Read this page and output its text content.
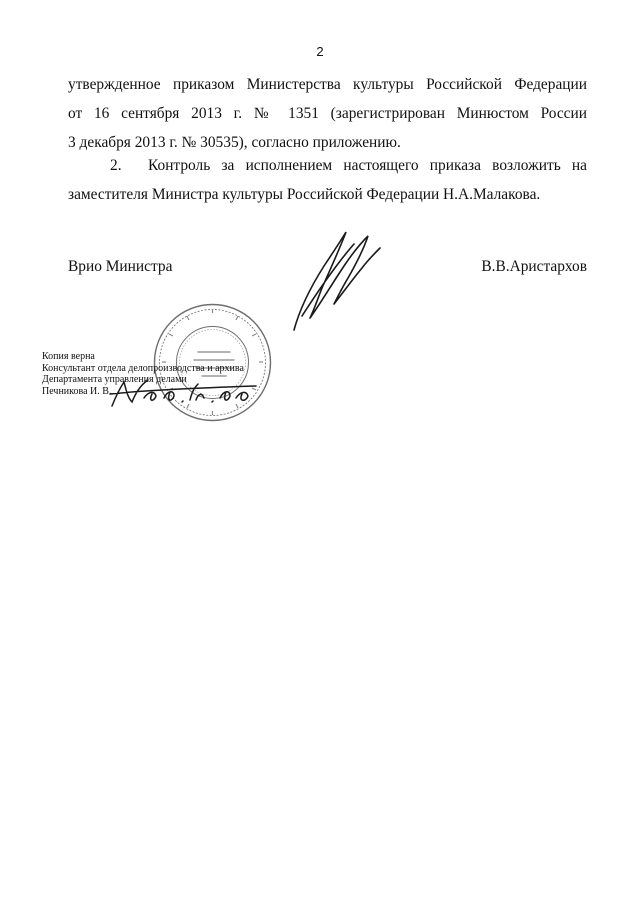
2
утвержденное приказом Министерства культуры Российской Федерации
от 16 сентября 2013 г. № 1351 (зарегистрирован Минюстом России
3 декабря 2013 г. № 30535), согласно приложению.
2. Контроль за исполнением настоящего приказа возложить на
заместителя Министра культуры Российской Федерации Н.А.Малакова.
Врио Министра	В.В.Аристархов
Копия верна
Консультант отдела делопроизводства и архива
Департамента управления делами
Печникова И. В.
